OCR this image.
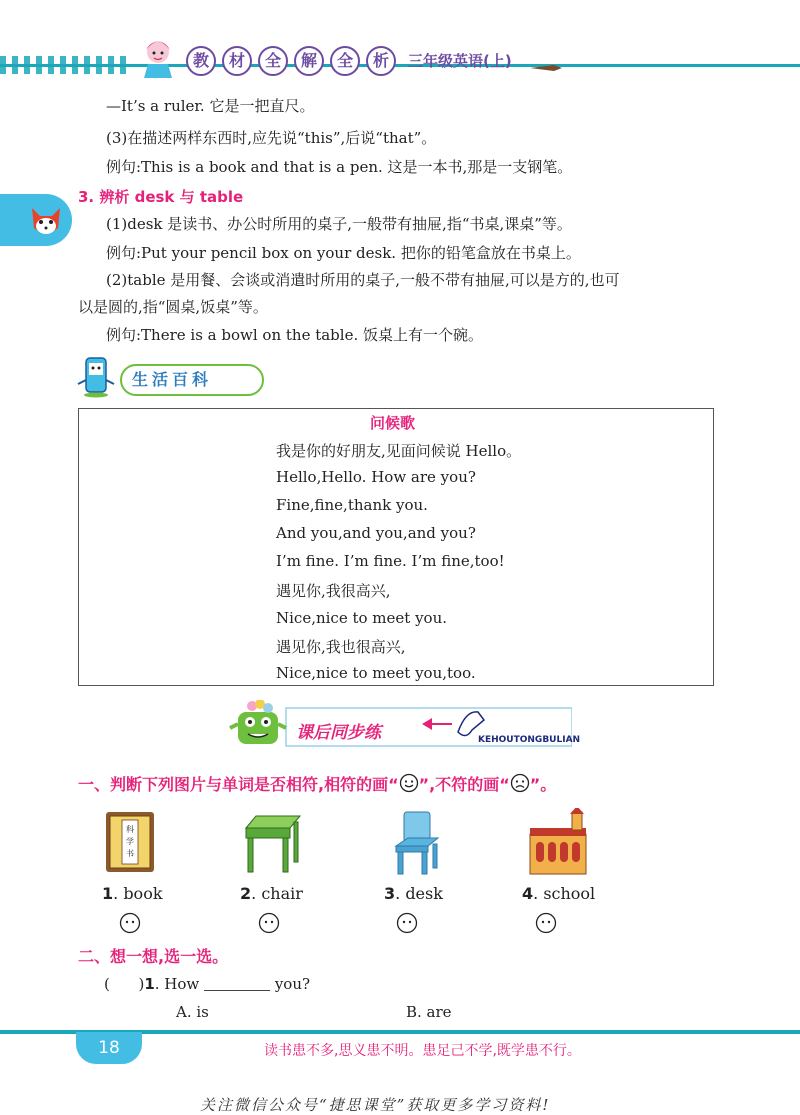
教	材	全	解	全	析	三年级英语(上)
—It’s a ruler. 它是一把直尺。
(3)在描述两样东西时,应先说“this”,后说“that”。
例句:This is a book and that is a pen. 这是一本书,那是一支钢笔。
3. 辨析 desk 与 table
(1)desk 是读书、办公时所用的桌子,一般带有抽屉,指“书桌,课桌”等。
例句:Put your pencil box on your desk. 把你的铅笔盒放在书桌上。
(2)table 是用餐、会谈或消遣时所用的桌子,一般不带有抽屉,可以是方的,也可
以是圆的,指“圆桌,饭桌”等。
例句:There is a bowl on the table. 饭桌上有一个碗。
生活百科
问候歌
我是你的好朋友,见面问候说 Hello。
Hello,Hello. How are you?
Fine,fine,thank you.
And you,and you,and you?
I’m fine. I’m fine. I’m fine,too!
遇见你,我很高兴,
Nice,nice to meet you.
遇见你,我也很高兴,
Nice,nice to meet you,too.
课后同步练	KEHOUTONGBULIAN
一、判断下列图片与单词是否相符,相符的画“ ”,不符的画“ ”。
科
学
书
1. book	2. chair	3. desk	4. school
二、想一想,选一选。
(      )1. How	you?
A. is	B. are
18	读书患不多,思义患不明。患足己不学,既学患不行。
关注微信公众号“捷思课堂”获取更多学习资料!
